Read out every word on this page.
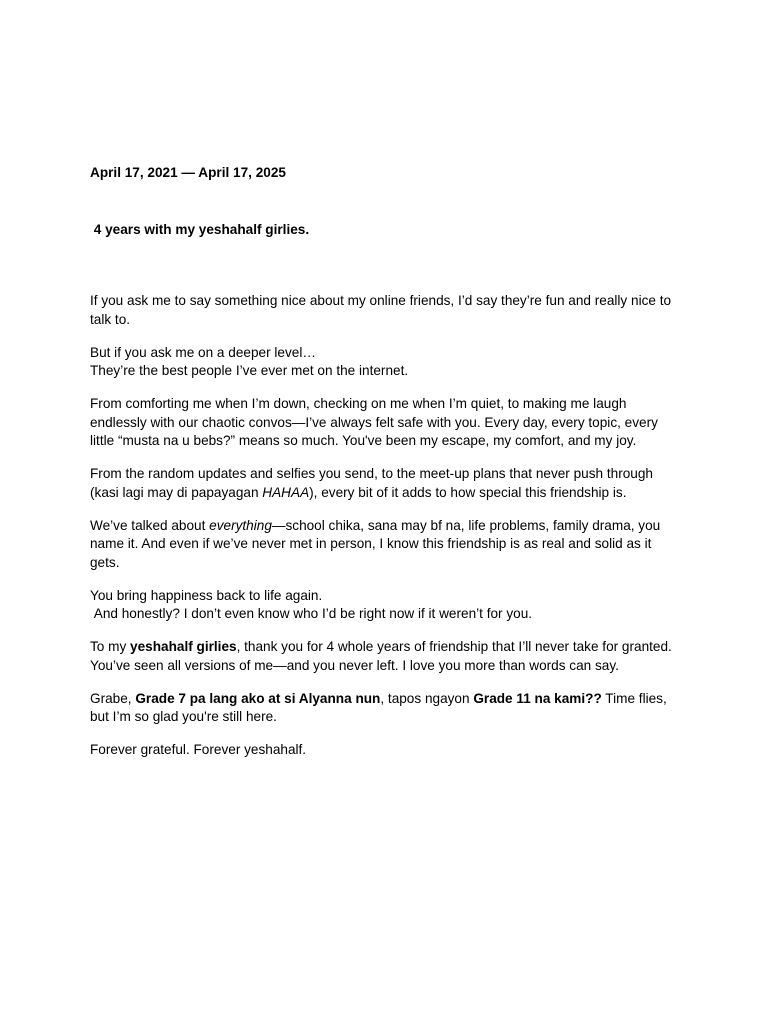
April 17, 2021 — April 17, 2025

4 years with my yeshahalf girlies.

If you ask me to say something nice about my online friends, I’d say they’re fun and really nice to talk to.

But if you ask me on a deeper level…
They’re the best people I’ve ever met on the internet.

From comforting me when I’m down, checking on me when I’m quiet, to making me laugh endlessly with our chaotic convos—I’ve always felt safe with you. Every day, every topic, every little “musta na u bebs?” means so much. You've been my escape, my comfort, and my joy.

From the random updates and selfies you send, to the meet-up plans that never push through (kasi lagi may di papayagan HAHAA), every bit of it adds to how special this friendship is.

We’ve talked about everything—school chika, sana may bf na, life problems, family drama, you name it. And even if we’ve never met in person, I know this friendship is as real and solid as it gets.

You bring happiness back to life again.
And honestly? I don’t even know who I’d be right now if it weren’t for you.

To my yeshahalf girlies, thank you for 4 whole years of friendship that I’ll never take for granted. You’ve seen all versions of me—and you never left. I love you more than words can say.

Grabe, Grade 7 pa lang ako at si Alyanna nun, tapos ngayon Grade 11 na kami?? Time flies, but I’m so glad you're still here.

Forever grateful. Forever yeshahalf.
